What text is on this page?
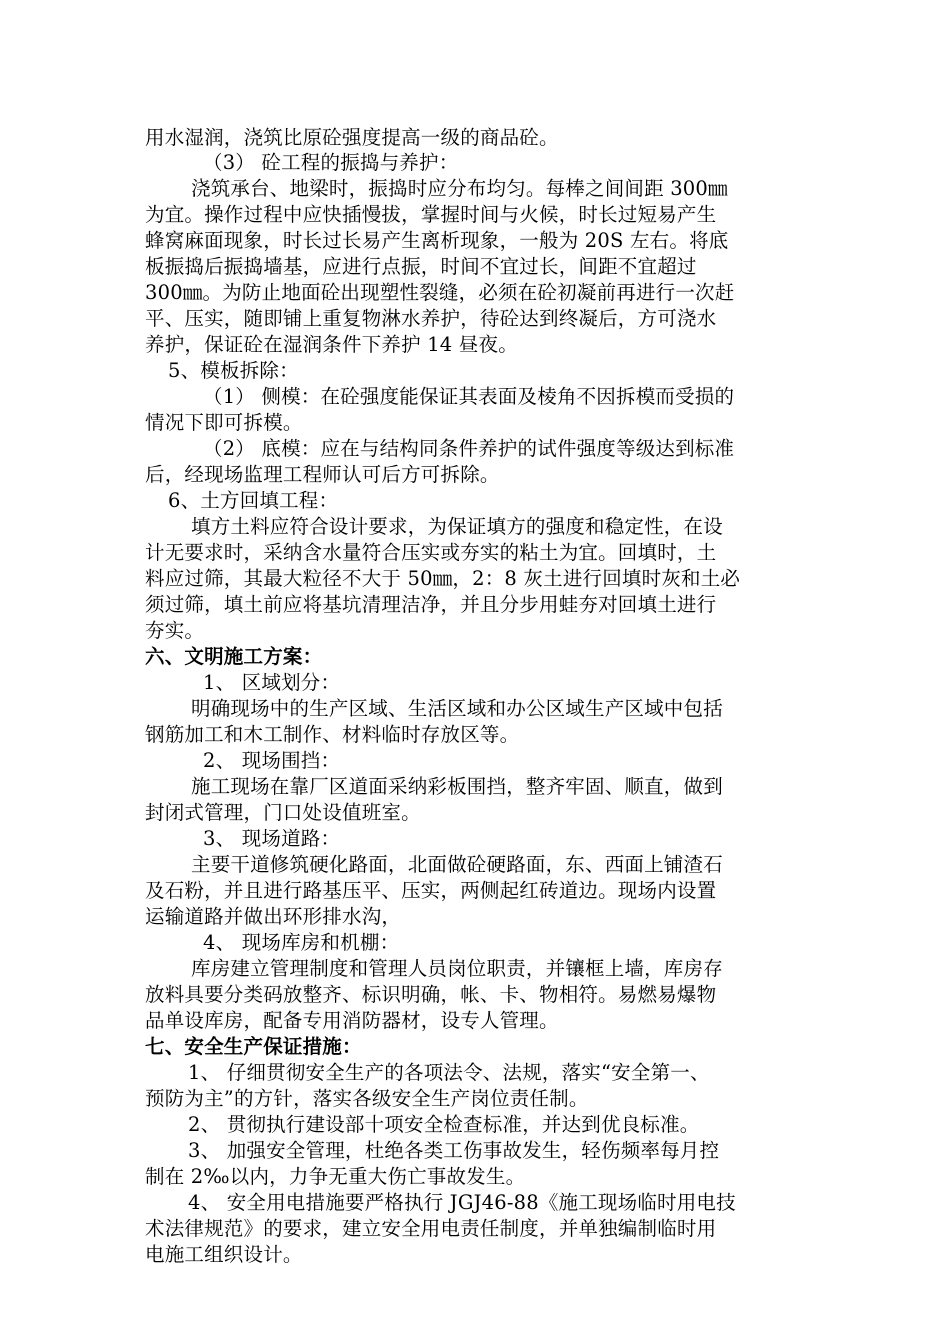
用水湿润，浇筑比原砼强度提高一级的商品砼。
（3） 砼工程的振捣与养护：
浇筑承台、地梁时，振捣时应分布均匀。每棒之间间距 300㎜
为宜。操作过程中应快插慢拔，掌握时间与火候，时长过短易产生
蜂窝麻面现象，时长过长易产生离析现象，一般为 20S 左右。将底
板振捣后振捣墙基，应进行点振，时间不宜过长，间距不宜超过
300㎜。为防止地面砼出现塑性裂缝，必须在砼初凝前再进行一次赶
平、压实，随即铺上重复物淋水养护，待砼达到终凝后，方可浇水
养护，保证砼在湿润条件下养护 14 昼夜。
5、模板拆除：
（1） 侧模：在砼强度能保证其表面及棱角不因拆模而受损的
情况下即可拆模。
（2） 底模：应在与结构同条件养护的试件强度等级达到标准
后，经现场监理工程师认可后方可拆除。
6、土方回填工程：
填方土料应符合设计要求，为保证填方的强度和稳定性，在设
计无要求时，采纳含水量符合压实或夯实的粘土为宜。回填时，土
料应过筛，其最大粒径不大于 50㎜，2：8 灰土进行回填时灰和土必
须过筛，填土前应将基坑清理洁净，并且分步用蛙夯对回填土进行
夯实。
六、文明施工方案：
1、 区域划分：
明确现场中的生产区域、生活区域和办公区域生产区域中包括
钢筋加工和木工制作、材料临时存放区等。
2、 现场围挡：
施工现场在靠厂区道面采纳彩板围挡，整齐牢固、顺直，做到
封闭式管理，门口处设值班室。
3、 现场道路：
主要干道修筑硬化路面，北面做砼硬路面，东、西面上铺渣石
及石粉，并且进行路基压平、压实，两侧起红砖道边。现场内设置
运输道路并做出环形排水沟，
4、 现场库房和机棚：
库房建立管理制度和管理人员岗位职责，并镶框上墙，库房存
放料具要分类码放整齐、标识明确，帐、卡、物相符。易燃易爆物
品单设库房，配备专用消防器材，设专人管理。
七、安全生产保证措施：
1、 仔细贯彻安全生产的各项法令、法规，落实“安全第一、
预防为主”的方针，落实各级安全生产岗位责任制。
2、 贯彻执行建设部十项安全检查标准，并达到优良标准。
3、 加强安全管理，杜绝各类工伤事故发生，轻伤频率每月控
制在 2‰以内，力争无重大伤亡事故发生。
4、 安全用电措施要严格执行 JGJ46-88《施工现场临时用电技
术法律规范》的要求，建立安全用电责任制度，并单独编制临时用
电施工组织设计。
